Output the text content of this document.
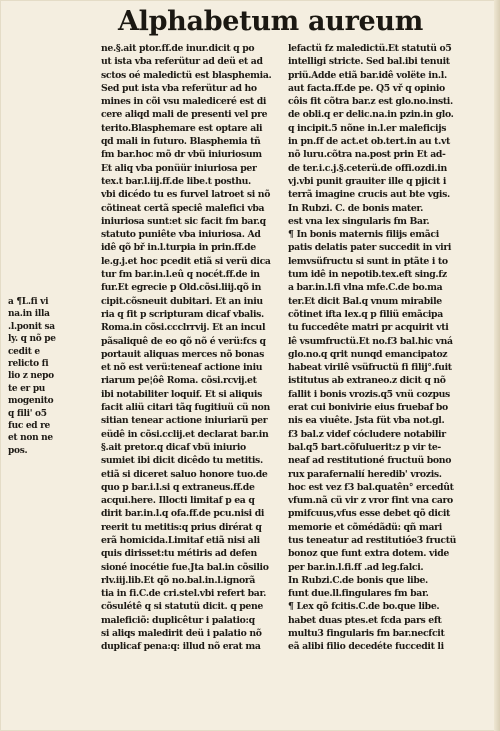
Alphabetum aureum
a ¶L.fi vi
na.in illa
.l.ponit sa
ly. q nõ pe
cedit e
relicto fi
lio z nepo
te er pu
mogenito
q fili' o5
fuc ed re
et non ne
pos.
ne.§.ait ptor.ff.de inur.dicit q po
ut ista vba referütur ad deü et ad
sctos oé maledictü est blasphemia.
Sed put ista vba referütur ad ho
mines in cõi vsu malediceré est di
cere aliqd mali de presenti vel pre
terito.Blasphemare est optare ali
qd mali in futuro. Blasphemia tñ
fm bar.hoc mõ dr vbü iniuriosum
Et aliq vba ponüür iniuriosa per
tex.t bar.l.iij.ff.de libe.t posthu.
vbi dicédo tu es furvel latroet si nõ
cõtineat certã speciê malefici vba
iniuriosa sunt:et sic facit fm bar.q
statuto puniête vba iniuriosa. Ad
idê qõ bř in.l.turpia in prin.ff.de
le.g.j.et hoc pcedit etiã si verü dica
tur fm bar.in.l.eû q nocét.ff.de in
fur.Et egrecie p Old.cõsi.liij.qõ in
cipit.cõsneuit dubitari. Et an iniu
ria q fit p scripturam dicaf vbalis.
Roma.in cõsi.ccclrrvij. Et an incul
pãsaliquê de eo qõ nõ é verü:fcs q
portauit aliquas merces nõ bonas
et nõ est verü:teneaf actione iniu
riarum pe¦ôê Roma. cõsi.rcvij.et
ibi notabiliter loquif. Et si aliquis
facit aliü citari tãq fugitiuü cü non
sitian tenear actione iniuriarü per
eüdê in cõsi.cclij.et declarat bar.in
§.ait pretor.q dicaf vbü iniurio
sumiet ibi dicit dicêdo tu metitis.
etiã si diceret saluo honore tuo.de
quo p bar.i.l.si q extraneus.ff.de
acqui.here. Illocti limitaf p ea q
dirit bar.in.l.q ofa.ff.de pcu.nisi di
reerit tu metitis:q prius dirérat q
erã homicida.Limitaf etiã nisi ali
quis dirisset:tu métiris ad defen
sioné inocétie fue.Jta bal.in cõsilio
rlv.iij.lib.Et qõ no.bal.in.l.ignorã
tia in fi.C.de cri.stel.vbi refert bar.
cõsulétê q si statutü dicit. q pene
maleficiõ: duplicêtur i palatio:q
si aliqs maledirit deü i palatio nõ
duplicaf pena:q: illud nõ erat ma
lefactü fz maledictü.Et statutü o5
intelligi stricte. Sed bal.ibi tenuit
priü.Adde etiã bar.idê volëte in.l.
aut facta.ff.de pe. Q5 vř q opinio
côis fit cõtra bar.z est glo.no.insti.
de obli.q er delic.na.in pzin.in glo.
q incipit.5 nõne in.l.er maleficijs
in pn.ff de act.et ob.tert.in au t.vt
nõ luru.cõtra na.post prin Et ad-
de ter.i.c.j.§.ceterü.de offi.ozdi.in
vj.vbi punit grauiter ille q pjicit i
terrã imagine crucis aut bte vgis.
In Rubzi. C. de bonis mater.
est vna lex singularis fm Bar.
¶ In bonis maternis filijs emãci
patis delatis pater succedit in viri
lemvsüfructu si sunt in ptãte i to
tum idê in nepotib.tex.eft sing.fz
a bar.in.l.fi vlna mfe.C.de bo.ma
ter.Et dicit Bal.q vnum mirabile
cõtinet ifta lex.q p filiü emãcipa
tu fuccedête matri pr acquirit vti
lê vsumfructü.Et no.f3 bal.hic vná
glo.no.q qrit nunqd emancipatoz
habeat virilê vsüfructü fi filij°.fuit
istitutus ab extraneo.z dicit q nõ
fallit i bonis vrozis.q5 vnü cozpus
erat cui bonivirie eius fruebaf bo
nis ea viuête. Jsta füt vba not.gl.
f3 bal.z videf cócludere notabilir
bal.q5 bart.cõfuluerit:z p vir te-
neaf ad restitutioné fructuü bono
rux parafernalií heredib' vrozis.
hoc est vez f3 bal.quatên° ercedût
vfum.nã cü vir z vror fint vna caro
pmifcuus,vfus esse debet qõ dicit
memorie et cõmédãdü: qñ mari
tus teneatur ad restitutióe3 fructü
bonoz que funt extra dotem. vide
per bar.in.l.fi.ff .ad leg.falci.
In Rubzi.C.de bonis que libe.
funt due.ll.fingulares fm bar.
¶ Lex qõ fcitis.C.de bo.que libe.
habet duas ptes.et fcda pars eft
multu3 fingularis fm bar.necfcit
eã alibi filio decedéte fuccedit li
